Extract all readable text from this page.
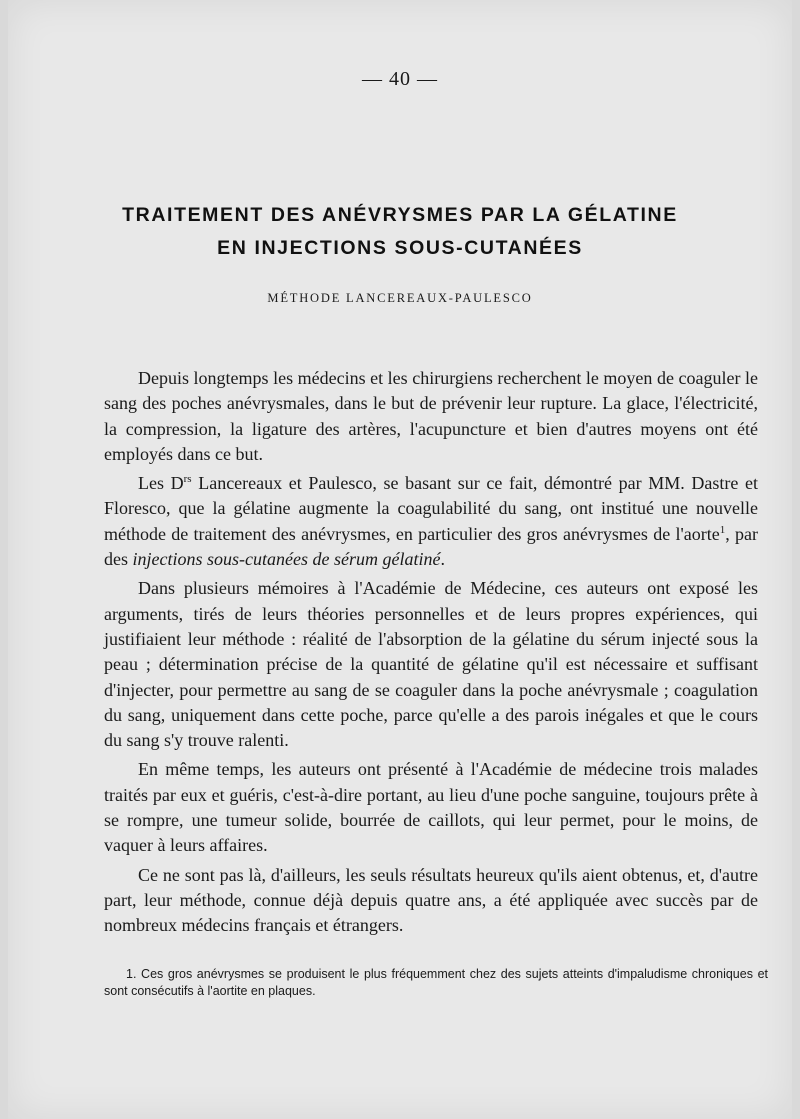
— 40 —
TRAITEMENT DES ANÉVRYSMES PAR LA GÉLATINE
EN INJECTIONS SOUS-CUTANÉES
MÉTHODE LANCEREAUX-PAULESCO

Depuis longtemps les médecins et les chirurgiens recherchent le moyen de coaguler le sang des poches anévrysmales, dans le but de prévenir leur rupture. La glace, l'électricité, la compression, la ligature des artères, l'acupuncture et bien d'autres moyens ont été employés dans ce but.

Les $D^{rs}$ Lancereaux et Paulesco, se basant sur ce fait, démontré par MM. Dastre et Floresco, que la gélatine augmente la coagulabilité du sang, ont institué une nouvelle méthode de traitement des anévrysmes, en particulier des gros anévrysmes de l'aorte$^1$, par des injections sous-cutanées de sérum gélatiné.

Dans plusieurs mémoires à l'Académie de Médecine, ces auteurs ont exposé les arguments, tirés de leurs théories personnelles et de leurs propres expériences, qui justifiaient leur méthode : réalité de l'absorption de la gélatine du sérum injecté sous la peau ; détermination précise de la quantité de gélatine qu'il est nécessaire et suffisant d'injecter, pour permettre au sang de se coaguler dans la poche anévrysmale ; coagulation du sang, uniquement dans cette poche, parce qu'elle a des parois inégales et que le cours du sang s'y trouve ralenti.

En même temps, les auteurs ont présenté à l'Académie de médecine trois malades traités par eux et guéris, c'est-à-dire portant, au lieu d'une poche sanguine, toujours prête à se rompre, une tumeur solide, bourrée de caillots, qui leur permet, pour le moins, de vaquer à leurs affaires.

Ce ne sont pas là, d'ailleurs, les seuls résultats heureux qu'ils aient obtenus, et, d'autre part, leur méthode, connue déjà depuis quatre ans, a été appliquée avec succès par de nombreux médecins français et étrangers.

1. Ces gros anévrysmes se produisent le plus fréquemment chez des sujets atteints d'impaludisme chroniques et sont consécutifs à l'aortite en plaques.
